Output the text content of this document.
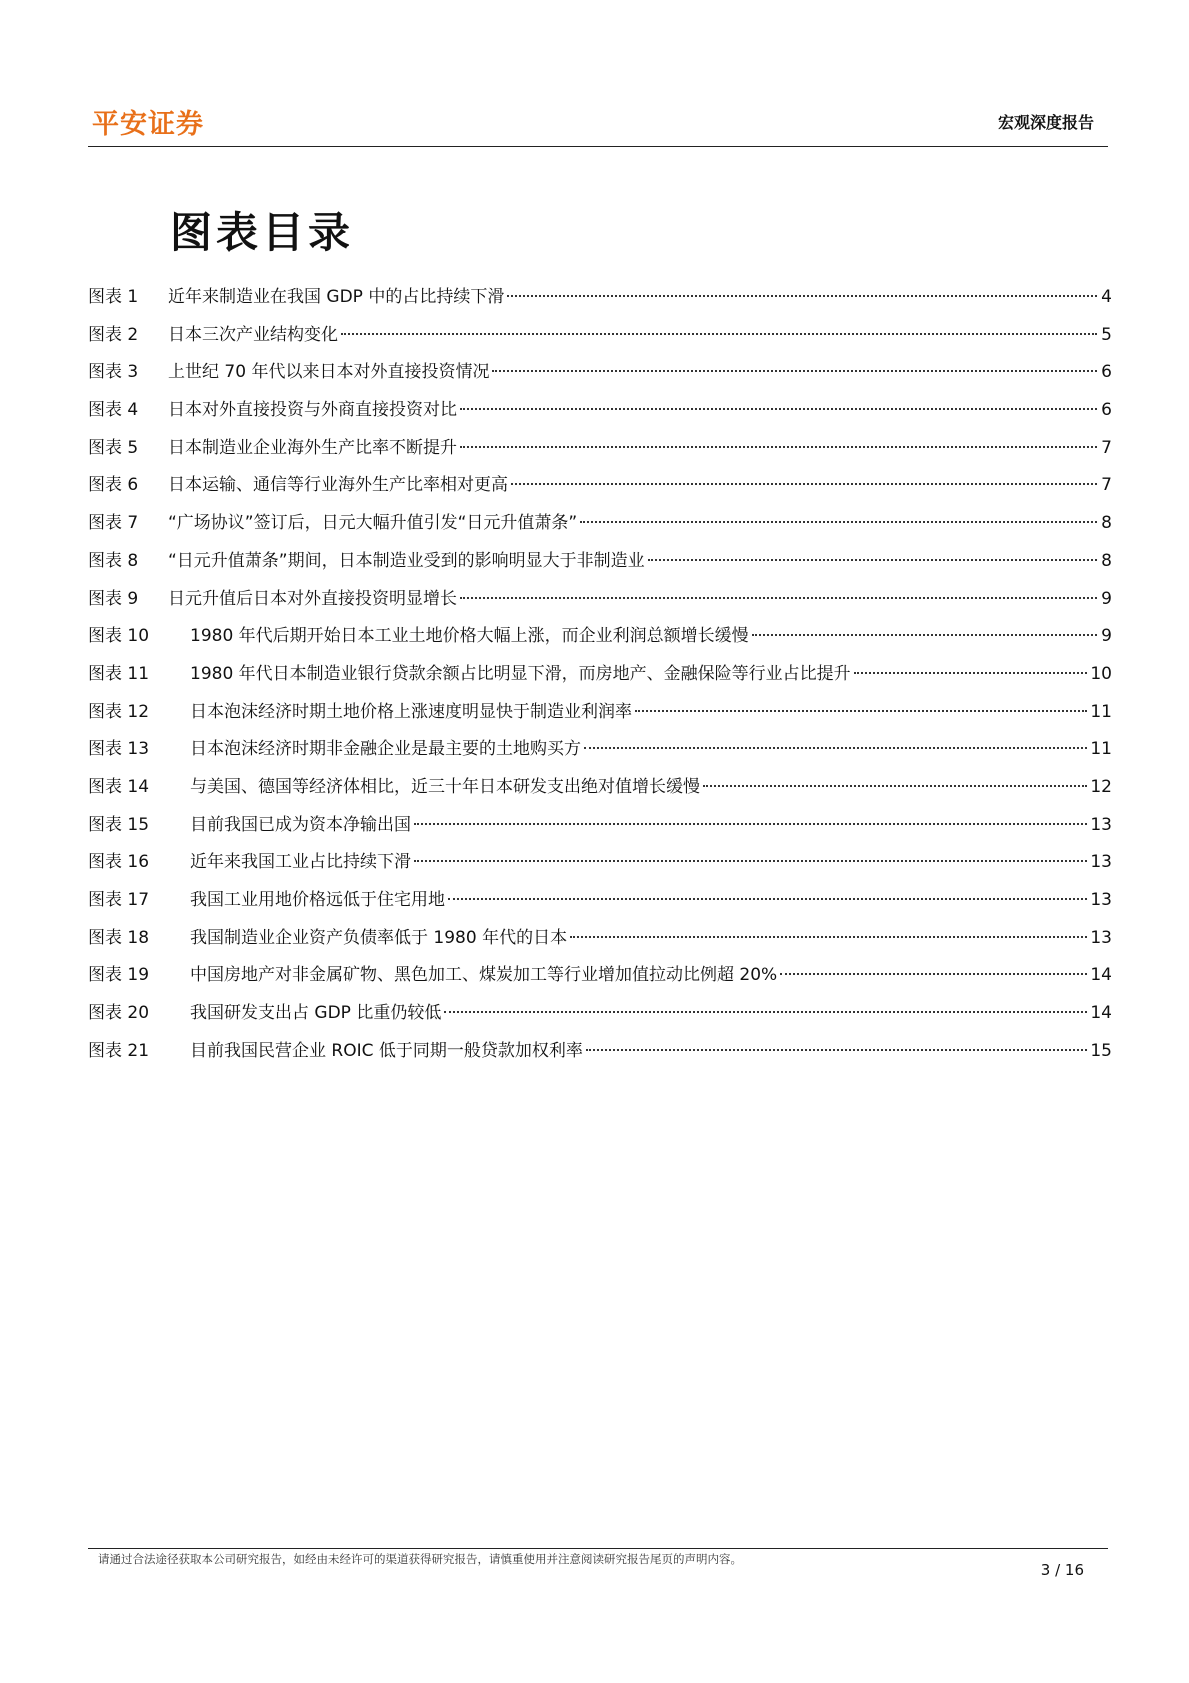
平安证券	宏观深度报告
图表目录
图表 1	近年来制造业在我国 GDP 中的占比持续下滑	4
图表 2	日本三次产业结构变化	5
图表 3	上世纪 70 年代以来日本对外直接投资情况	6
图表 4	日本对外直接投资与外商直接投资对比	6
图表 5	日本制造业企业海外生产比率不断提升	7
图表 6	日本运输、通信等行业海外生产比率相对更高	7
图表 7	“广场协议”签订后，日元大幅升值引发“日元升值萧条”	8
图表 8	“日元升值萧条”期间，日本制造业受到的影响明显大于非制造业	8
图表 9	日元升值后日本对外直接投资明显增长	9
图表 10	1980 年代后期开始日本工业土地价格大幅上涨，而企业利润总额增长缓慢	9
图表 11	1980 年代日本制造业银行贷款余额占比明显下滑，而房地产、金融保险等行业占比提升	10
图表 12	日本泡沫经济时期土地价格上涨速度明显快于制造业利润率	11
图表 13	日本泡沫经济时期非金融企业是最主要的土地购买方	11
图表 14	与美国、德国等经济体相比，近三十年日本研发支出绝对值增长缓慢	12
图表 15	目前我国已成为资本净输出国	13
图表 16	近年来我国工业占比持续下滑	13
图表 17	我国工业用地价格远低于住宅用地	13
图表 18	我国制造业企业资产负债率低于 1980 年代的日本	13
图表 19	中国房地产对非金属矿物、黑色加工、煤炭加工等行业增加值拉动比例超 20%	14
图表 20	我国研发支出占 GDP 比重仍较低	14
图表 21	目前我国民营企业 ROIC 低于同期一般贷款加权利率	15
请通过合法途径获取本公司研究报告，如经由未经许可的渠道获得研究报告，请慎重使用并注意阅读研究报告尾页的声明内容。
3 / 16
